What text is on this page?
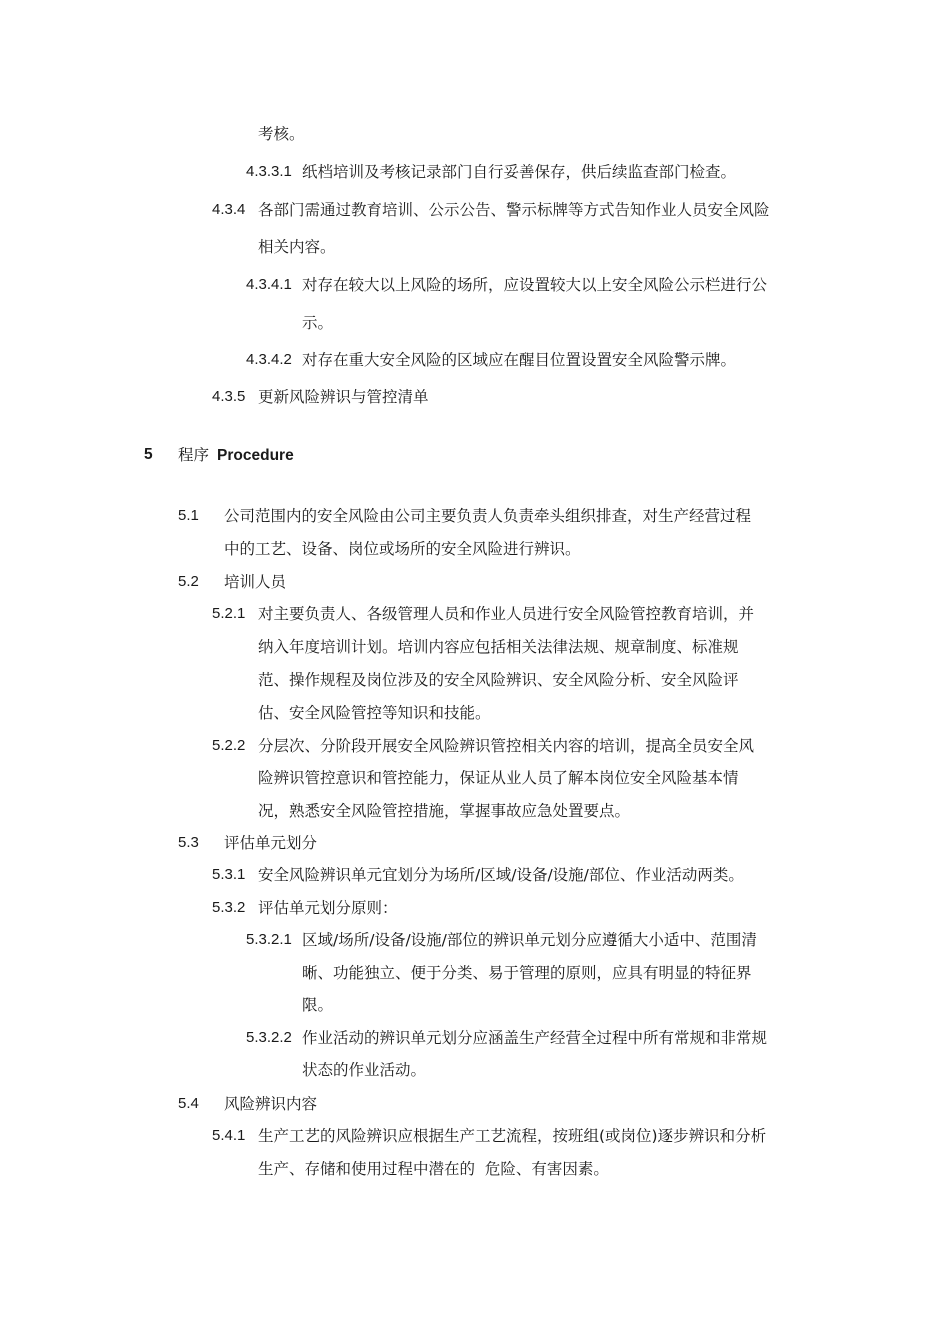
考核。
4.3.3.1 纸档培训及考核记录部门自行妥善保存，供后续监查部门检查。
4.3.4 各部门需通过教育培训、公示公告、警示标牌等方式告知作业人员安全风险
相关内容。
4.3.4.1 对存在较大以上风险的场所，应设置较大以上安全风险公示栏进行公
示。
4.3.4.2 对存在重大安全风险的区域应在醒目位置设置安全风险警示牌。
4.3.5 更新风险辨识与管控清单
5 程序 Procedure
5.1 公司范围内的安全风险由公司主要负责人负责牵头组织排查，对生产经营过程
中的工艺、设备、岗位或场所的安全风险进行辨识。
5.2 培训人员
5.2.1 对主要负责人、各级管理人员和作业人员进行安全风险管控教育培训，并
纳入年度培训计划。培训内容应包括相关法律法规、规章制度、标准规
范、操作规程及岗位涉及的安全风险辨识、安全风险分析、安全风险评
估、安全风险管控等知识和技能。
5.2.2 分层次、分阶段开展安全风险辨识管控相关内容的培训，提高全员安全风
险辨识管控意识和管控能力，保证从业人员了解本岗位安全风险基本情
况，熟悉安全风险管控措施，掌握事故应急处置要点。
5.3 评估单元划分
5.3.1 安全风险辨识单元宜划分为场所/区域/设备/设施/部位、作业活动两类。
5.3.2 评估单元划分原则：
5.3.2.1 区域/场所/设备/设施/部位的辨识单元划分应遵循大小适中、范围清
晰、功能独立、便于分类、易于管理的原则，应具有明显的特征界
限。
5.3.2.2 作业活动的辨识单元划分应涵盖生产经营全过程中所有常规和非常规
状态的作业活动。
5.4 风险辨识内容
5.4.1 生产工艺的风险辨识应根据生产工艺流程，按班组(或岗位)逐步辨识和分析
生产、存储和使用过程中潜在的  危险、有害因素。
